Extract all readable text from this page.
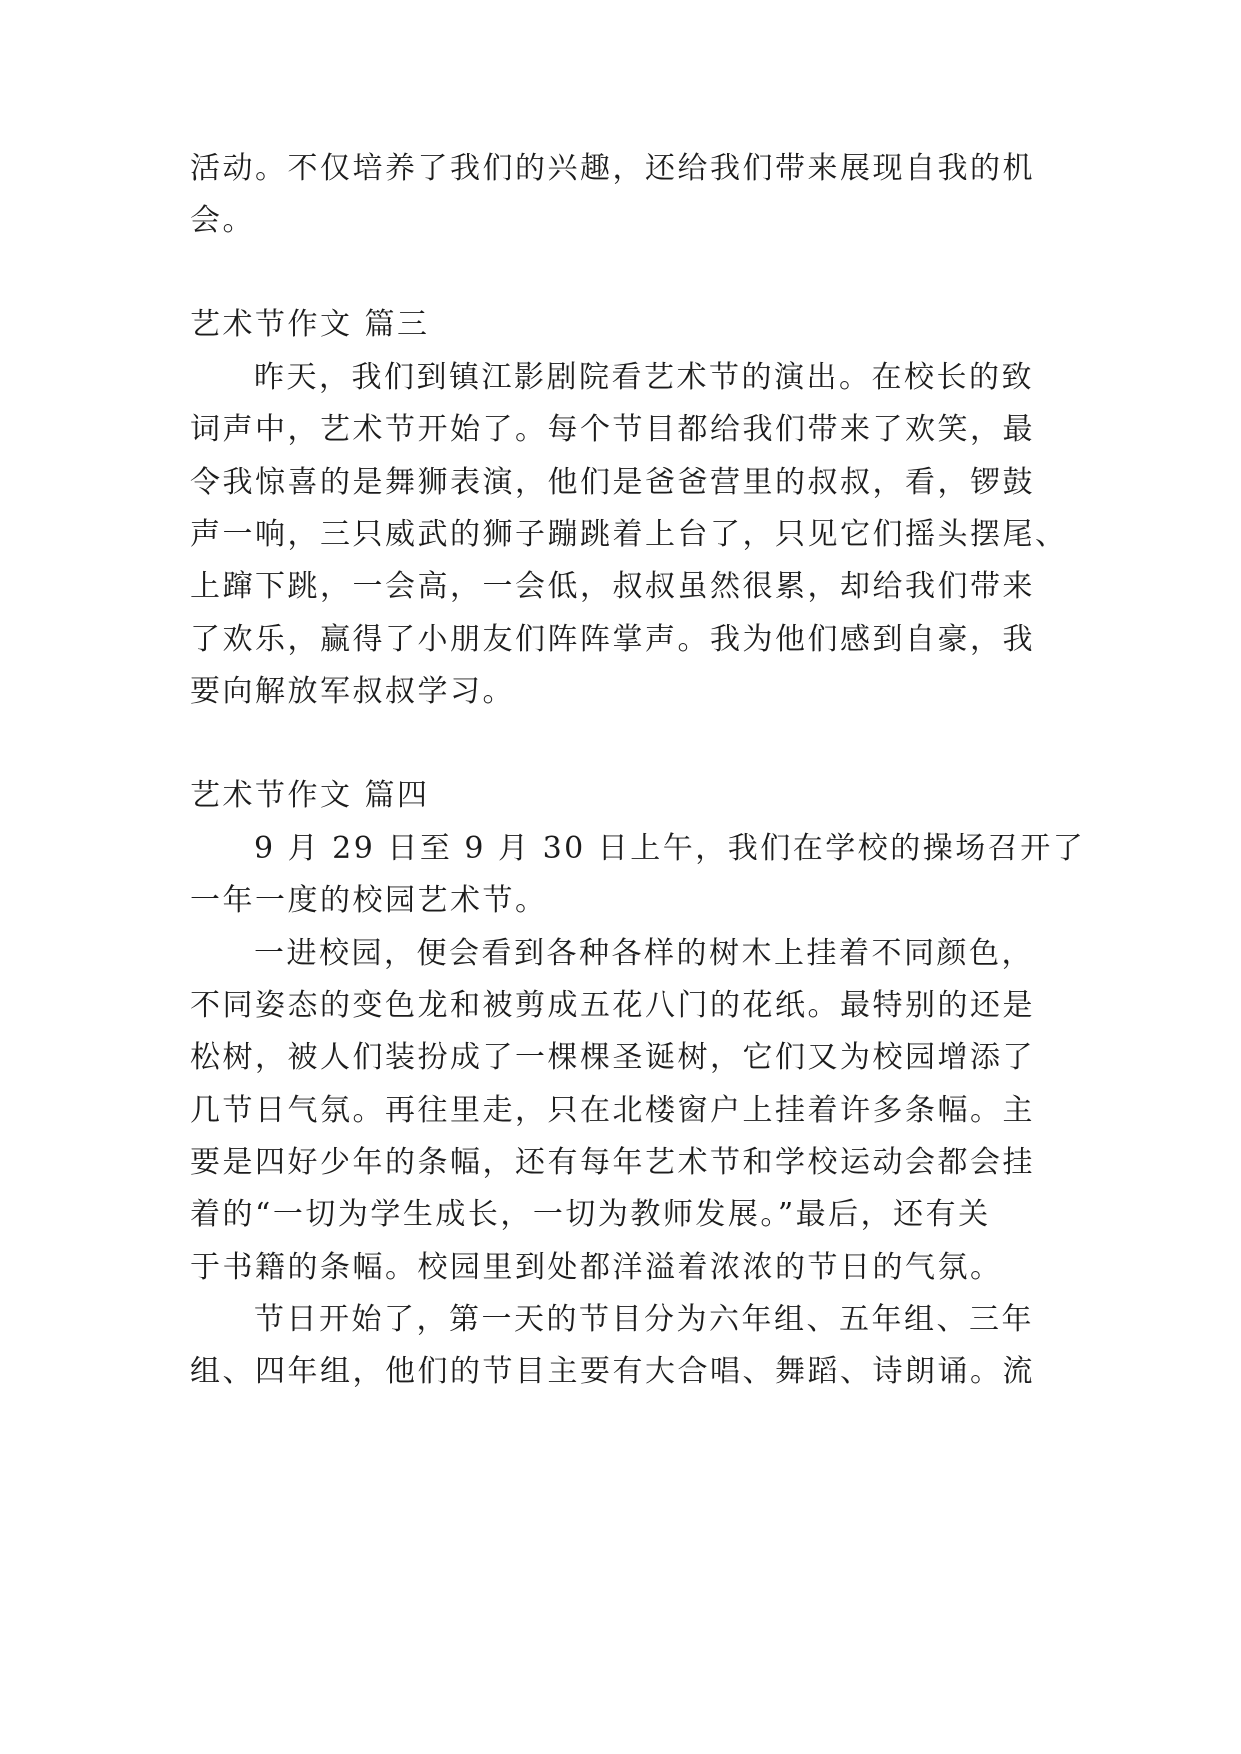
活动。不仅培养了我们的兴趣，还给我们带来展现自我的机
会。
艺术节作文 篇三
昨天，我们到镇江影剧院看艺术节的演出。在校长的致
词声中，艺术节开始了。每个节目都给我们带来了欢笑，最
令我惊喜的是舞狮表演，他们是爸爸营里的叔叔，看，锣鼓
声一响，三只威武的狮子蹦跳着上台了，只见它们摇头摆尾、
上蹿下跳，一会高，一会低，叔叔虽然很累，却给我们带来
了欢乐，赢得了小朋友们阵阵掌声。我为他们感到自豪，我
要向解放军叔叔学习。
艺术节作文 篇四
9 月 29 日至 9 月 30 日上午，我们在学校的操场召开了
一年一度的校园艺术节。
一进校园，便会看到各种各样的树木上挂着不同颜色，
不同姿态的变色龙和被剪成五花八门的花纸。最特别的还是
松树，被人们装扮成了一棵棵圣诞树，它们又为校园增添了
几节日气氛。再往里走，只在北楼窗户上挂着许多条幅。主
要是四好少年的条幅，还有每年艺术节和学校运动会都会挂
着的“一切为学生成长，一切为教师发展。”最后，还有关
于书籍的条幅。校园里到处都洋溢着浓浓的节日的气氛。
节日开始了，第一天的节目分为六年组、五年组、三年
组、四年组，他们的节目主要有大合唱、舞蹈、诗朗诵。流
